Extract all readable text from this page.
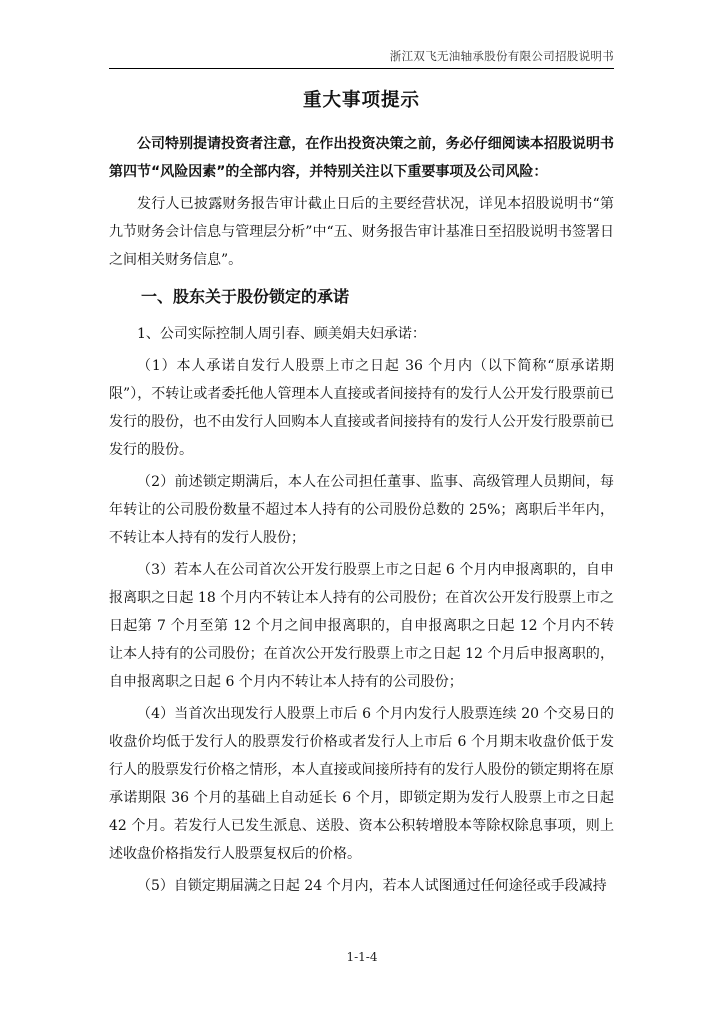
浙江双飞无油轴承股份有限公司招股说明书
重大事项提示

公司特别提请投资者注意，在作出投资决策之前，务必仔细阅读本招股说明书第四节“风险因素”的全部内容，并特别关注以下重要事项及公司风险：

发行人已披露财务报告审计截止日后的主要经营状况，详见本招股说明书“第九节财务会计信息与管理层分析”中“五、财务报告审计基准日至招股说明书签署日之间相关财务信息”。

一、股东关于股份锁定的承诺

1、公司实际控制人周引春、顾美娟夫妇承诺：

（1）本人承诺自发行人股票上市之日起 36 个月内（以下简称“原承诺期限”），不转让或者委托他人管理本人直接或者间接持有的发行人公开发行股票前已发行的股份，也不由发行人回购本人直接或者间接持有的发行人公开发行股票前已发行的股份。

（2）前述锁定期满后，本人在公司担任董事、监事、高级管理人员期间，每年转让的公司股份数量不超过本人持有的公司股份总数的 25%；离职后半年内，不转让本人持有的发行人股份；

（3）若本人在公司首次公开发行股票上市之日起 6 个月内申报离职的，自申报离职之日起 18 个月内不转让本人持有的公司股份；在首次公开发行股票上市之日起第 7 个月至第 12 个月之间申报离职的，自申报离职之日起 12 个月内不转让本人持有的公司股份；在首次公开发行股票上市之日起 12 个月后申报离职的，自申报离职之日起 6 个月内不转让本人持有的公司股份；

（4）当首次出现发行人股票上市后 6 个月内发行人股票连续 20 个交易日的收盘价均低于发行人的股票发行价格或者发行人上市后 6 个月期末收盘价低于发行人的股票发行价格之情形，本人直接或间接所持有的发行人股份的锁定期将在原承诺期限 36 个月的基础上自动延长 6 个月，即锁定期为发行人股票上市之日起 42 个月。若发行人已发生派息、送股、资本公积转增股本等除权除息事项，则上述收盘价格指发行人股票复权后的价格。

（5）自锁定期届满之日起 24 个月内，若本人试图通过任何途径或手段减持

1-1-4
